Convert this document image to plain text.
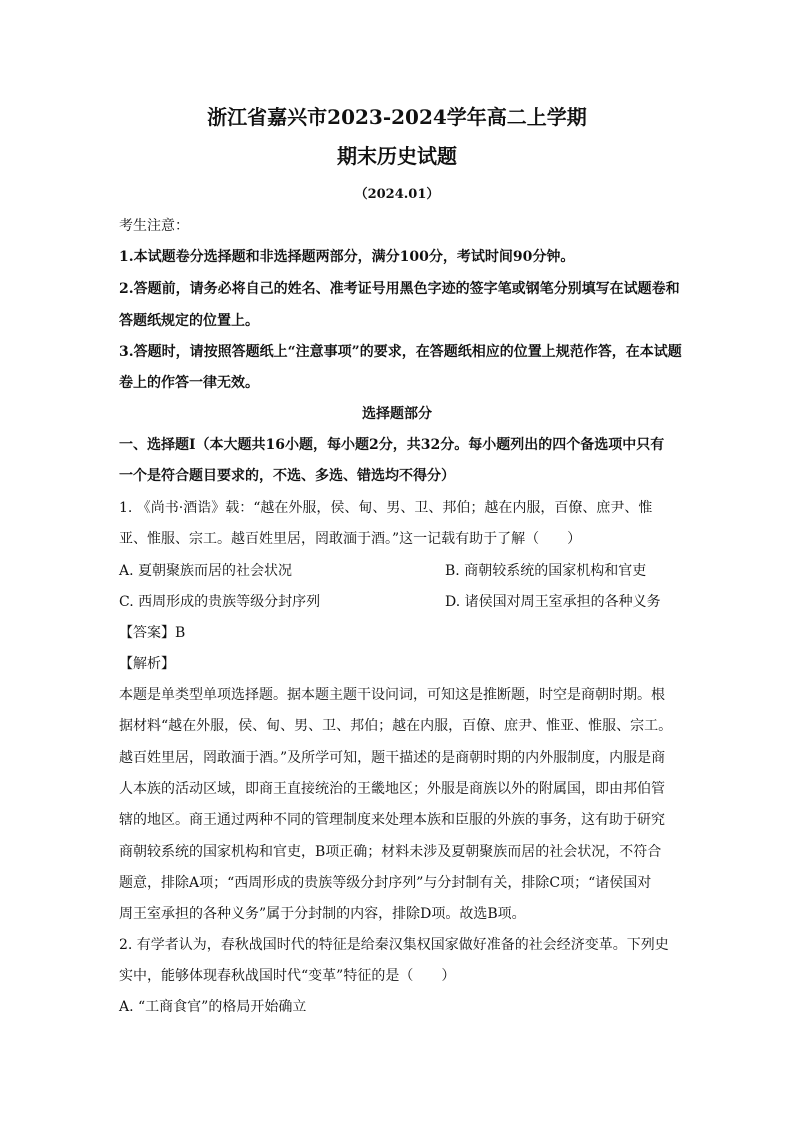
浙江省嘉兴市2023-2024学年高二上学期
期末历史试题
（2024.01）
考生注意：
1.本试题卷分选择题和非选择题两部分，满分100分，考试时间90分钟。
2.答题前，请务必将自己的姓名、准考证号用黑色字迹的签字笔或钢笔分别填写在试题卷和
答题纸规定的位置上。
3.答题时，请按照答题纸上“注意事项”的要求，在答题纸相应的位置上规范作答，在本试题
卷上的作答一律无效。
选择题部分
一、选择题Ⅰ（本大题共16小题，每小题2分，共32分。每小题列出的四个备选项中只有
一个是符合题目要求的，不选、多选、错选均不得分）
1. 《尚书·酒诰》载：“越在外服，侯、甸、男、卫、邦伯；越在内服，百僚、庶尹、惟
亚、惟服、宗工。越百姓里居，罔敢湎于酒。”这一记载有助于了解（　　）
A. 夏朝聚族而居的社会状况	B. 商朝较系统的国家机构和官吏
C. 西周形成的贵族等级分封序列	D. 诸侯国对周王室承担的各种义务
【答案】B
【解析】
本题是单类型单项选择题。据本题主题干设问词，可知这是推断题，时空是商朝时期。根
据材料“越在外服，侯、甸、男、卫、邦伯；越在内服，百僚、庶尹、惟亚、惟服、宗工。
越百姓里居，罔敢湎于酒。”及所学可知，题干描述的是商朝时期的内外服制度，内服是商
人本族的活动区域，即商王直接统治的王畿地区；外服是商族以外的附属国，即由邦伯管
辖的地区。商王通过两种不同的管理制度来处理本族和臣服的外族的事务，这有助于研究
商朝较系统的国家机构和官吏，B项正确；材料未涉及夏朝聚族而居的社会状况，不符合
题意，排除A项；“西周形成的贵族等级分封序列”与分封制有关，排除C项；“诸侯国对
周王室承担的各种义务”属于分封制的内容，排除D项。故选B项。
2. 有学者认为，春秋战国时代的特征是给秦汉集权国家做好准备的社会经济变革。下列史
实中，能够体现春秋战国时代“变革”特征的是（　　）
A. “工商食官”的格局开始确立
